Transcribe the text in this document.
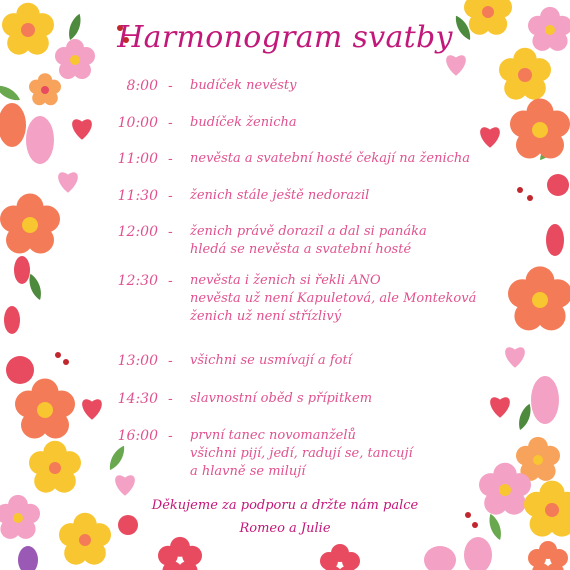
Harmonogram svatby
8:00 - budíček nevěsty
10:00 - budíček ženicha
11:00 - nevěsta a svatební hosté čekají na ženicha
11:30 - ženich stále ještě nedorazil
12:00 - ženich právě dorazil a dal si panáka
hledá se nevěsta a svatební hosté
12:30 - nevěsta i ženich si řekli ANO
nevěsta už není Kapuletová, ale Monteková
ženich už není střízlivý
13:00 - všichni se usmívají a fotí
14:30 - slavnostní oběd s přípitkem
16:00 - první tanec novomanželů
všichni pijí, jedí, radují se, tancují
a hlavně se milují
Děkujeme za podporu a držte nám palce
Romeo a Julie
